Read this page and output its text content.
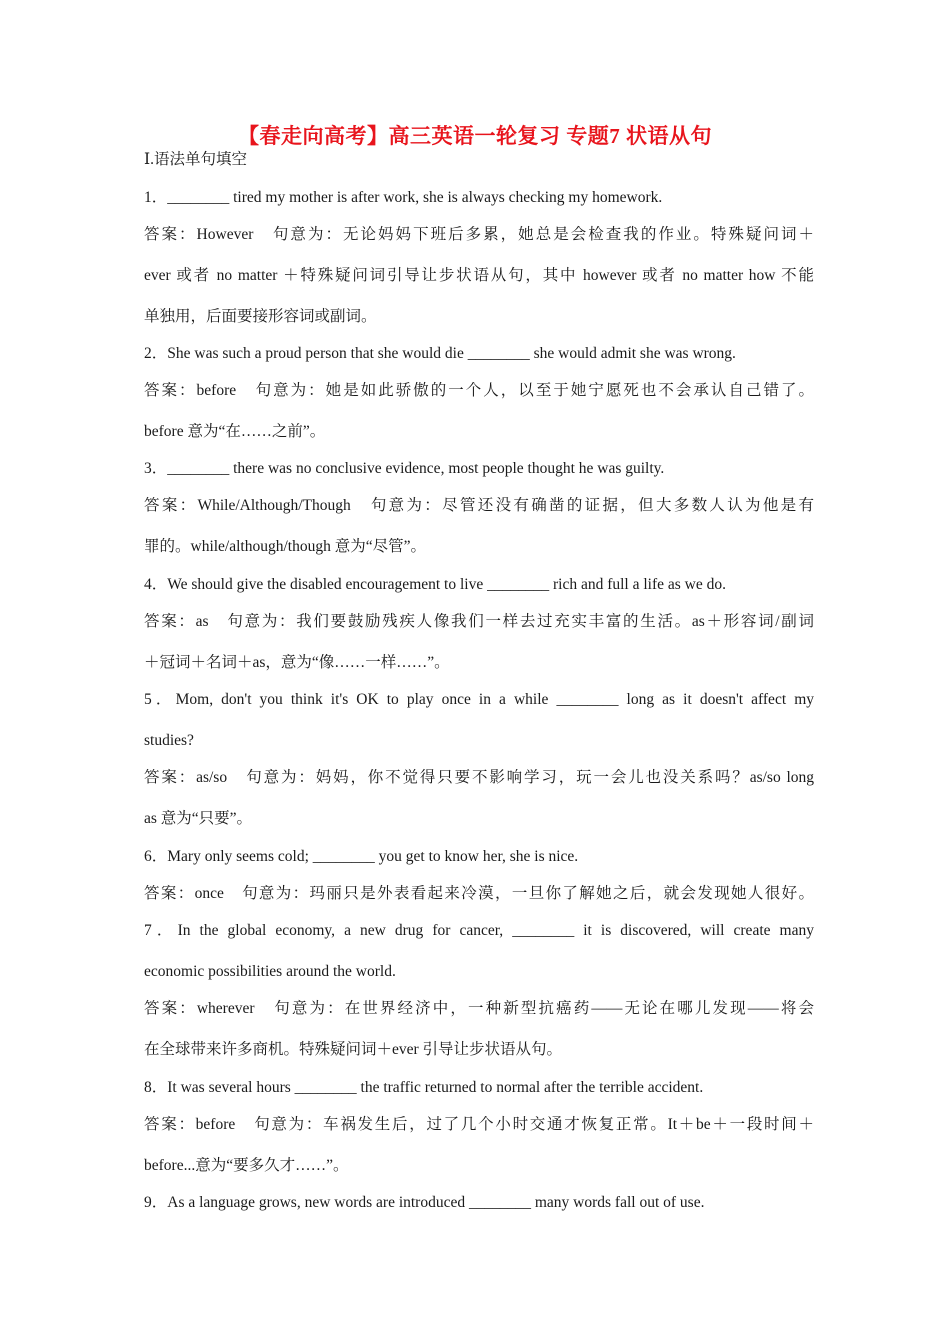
【春走向高考】高三英语一轮复习 专题7 状语从句
Ⅰ.语法单句填空
1．________ tired my mother is after work, she is always checking my homework.
答案：However　句意为：无论妈妈下班后多累，她总是会检查我的作业。特殊疑问词＋
ever 或者 no matter ＋特殊疑问词引导让步状语从句，其中 however 或者 no matter how 不能
单独用，后面要接形容词或副词。
2．She was such a proud person that she would die ________ she would admit she was wrong.
答案：before　句意为：她是如此骄傲的一个人，以至于她宁愿死也不会承认自己错了。
before 意为“在……之前”。
3．________ there was no conclusive evidence, most people thought he was guilty.
答案：While/Although/Though　句意为：尽管还没有确凿的证据，但大多数人认为他是有
罪的。while/although/though 意为“尽管”。
4．We should give the disabled encouragement to live ________ rich and full a life as we do.
答案：as　句意为：我们要鼓励残疾人像我们一样去过充实丰富的生活。as＋形容词/副词
＋冠词＋名词＋as，意为“像……一样……”。
5．Mom, don't you think it's OK to play once in a while ________ long as it doesn't affect my
studies?
答案：as/so　句意为：妈妈，你不觉得只要不影响学习，玩一会儿也没关系吗？as/so long
as 意为“只要”。
6．Mary only seems cold; ________ you get to know her, she is nice.
答案：once　句意为：玛丽只是外表看起来冷漠，一旦你了解她之后，就会发现她人很好。
7．In the global economy, a new drug for cancer, ________ it is discovered, will create many
economic possibilities around the world.
答案：wherever　句意为：在世界经济中，一种新型抗癌药——无论在哪儿发现——将会
在全球带来许多商机。特殊疑问词＋ever 引导让步状语从句。
8．It was several hours ________ the traffic returned to normal after the terrible accident.
答案：before　句意为：车祸发生后，过了几个小时交通才恢复正常。It＋be＋一段时间＋
before...意为“要多久才……”。
9．As a language grows, new words are introduced ________ many words fall out of use.
